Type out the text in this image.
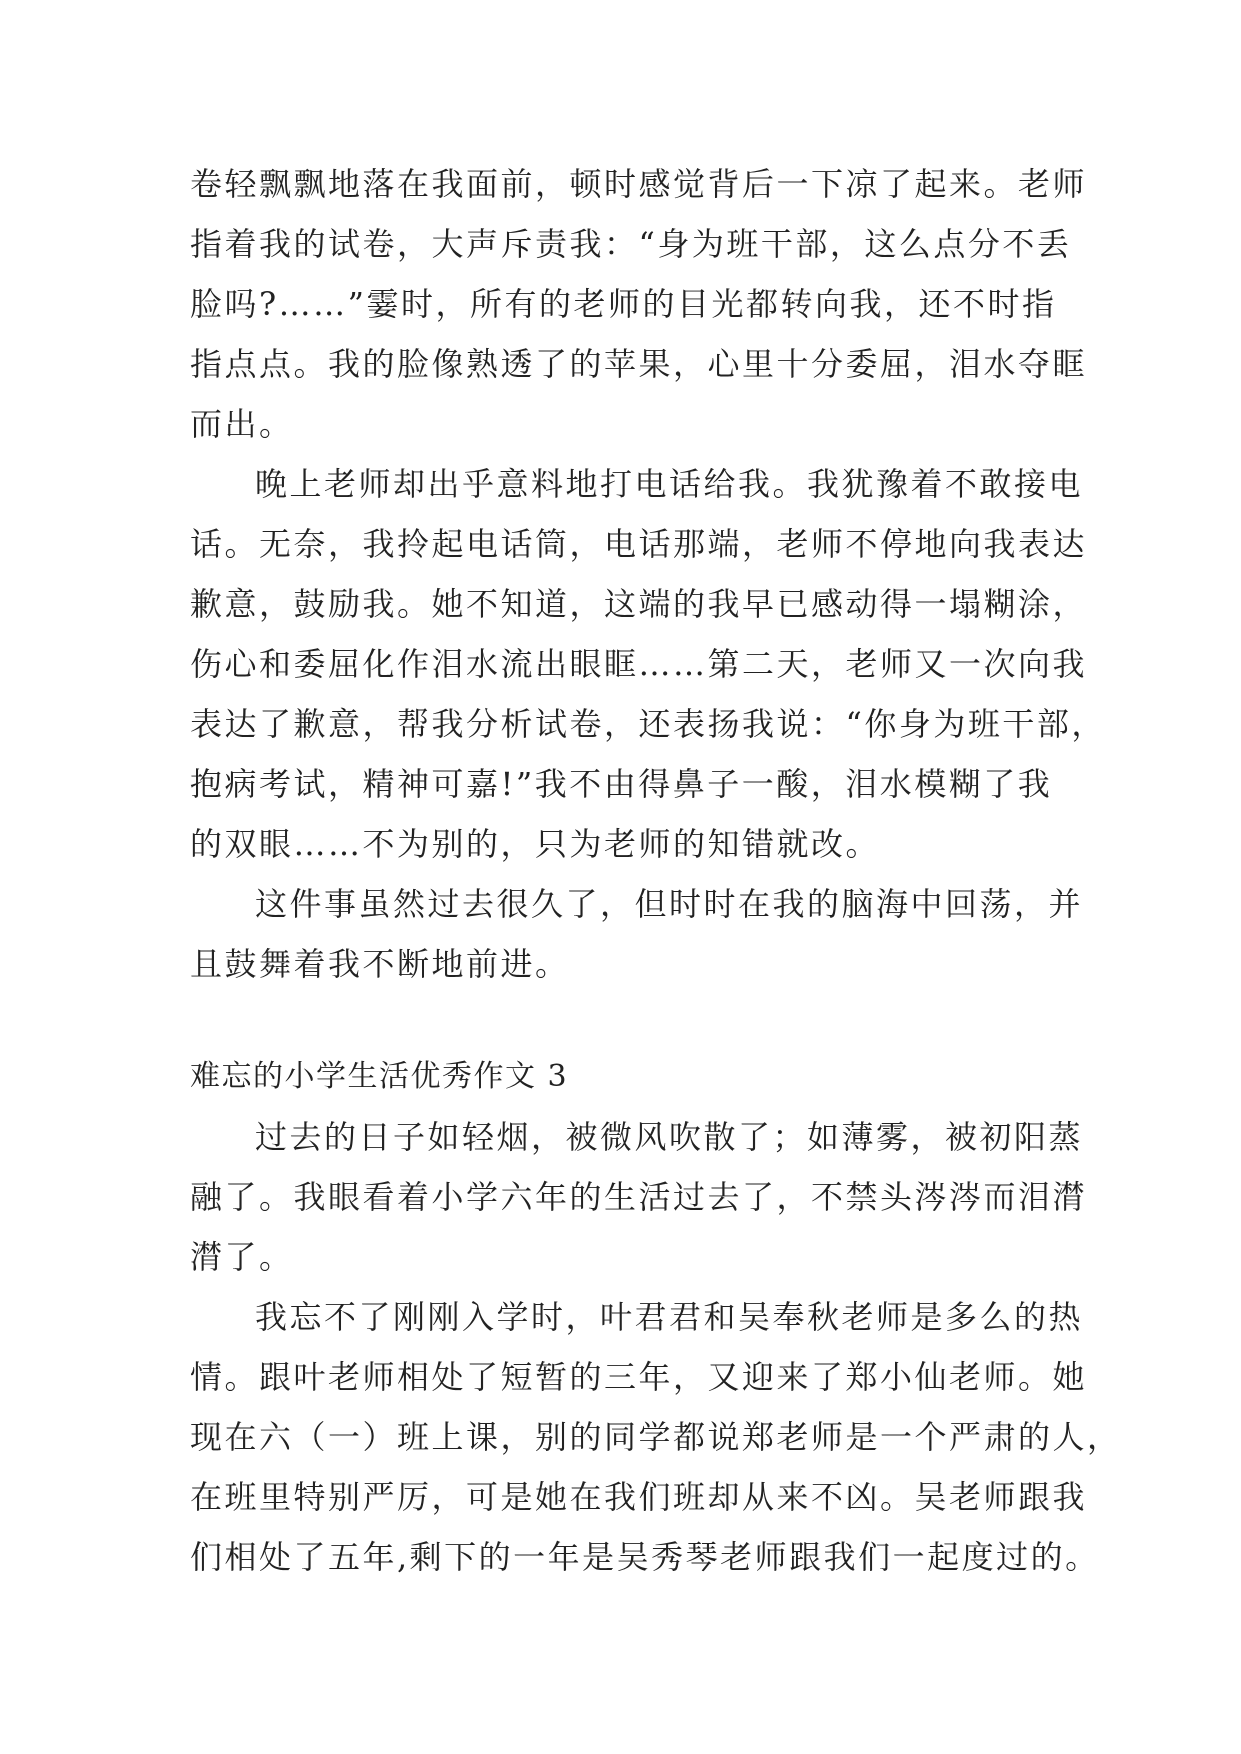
卷轻飘飘地落在我面前，顿时感觉背后一下凉了起来。老师
指着我的试卷，大声斥责我：“身为班干部，这么点分不丢
脸吗?……”霎时，所有的老师的目光都转向我，还不时指
指点点。我的脸像熟透了的苹果，心里十分委屈，泪水夺眶
而出。
晚上老师却出乎意料地打电话给我。我犹豫着不敢接电
话。无奈，我拎起电话筒，电话那端，老师不停地向我表达
歉意，鼓励我。她不知道，这端的我早已感动得一塌糊涂，
伤心和委屈化作泪水流出眼眶……第二天，老师又一次向我
表达了歉意，帮我分析试卷，还表扬我说：“你身为班干部，
抱病考试，精神可嘉!”我不由得鼻子一酸，泪水模糊了我
的双眼……不为别的，只为老师的知错就改。
这件事虽然过去很久了，但时时在我的脑海中回荡，并
且鼓舞着我不断地前进。
难忘的小学生活优秀作文 3
过去的日子如轻烟，被微风吹散了；如薄雾，被初阳蒸
融了。我眼看着小学六年的生活过去了，不禁头涔涔而泪潸
潸了。
我忘不了刚刚入学时，叶君君和吴奉秋老师是多么的热
情。跟叶老师相处了短暂的三年，又迎来了郑小仙老师。她
现在六（一）班上课，别的同学都说郑老师是一个严肃的人，
在班里特别严厉，可是她在我们班却从来不凶。吴老师跟我
们相处了五年,剩下的一年是吴秀琴老师跟我们一起度过的。
